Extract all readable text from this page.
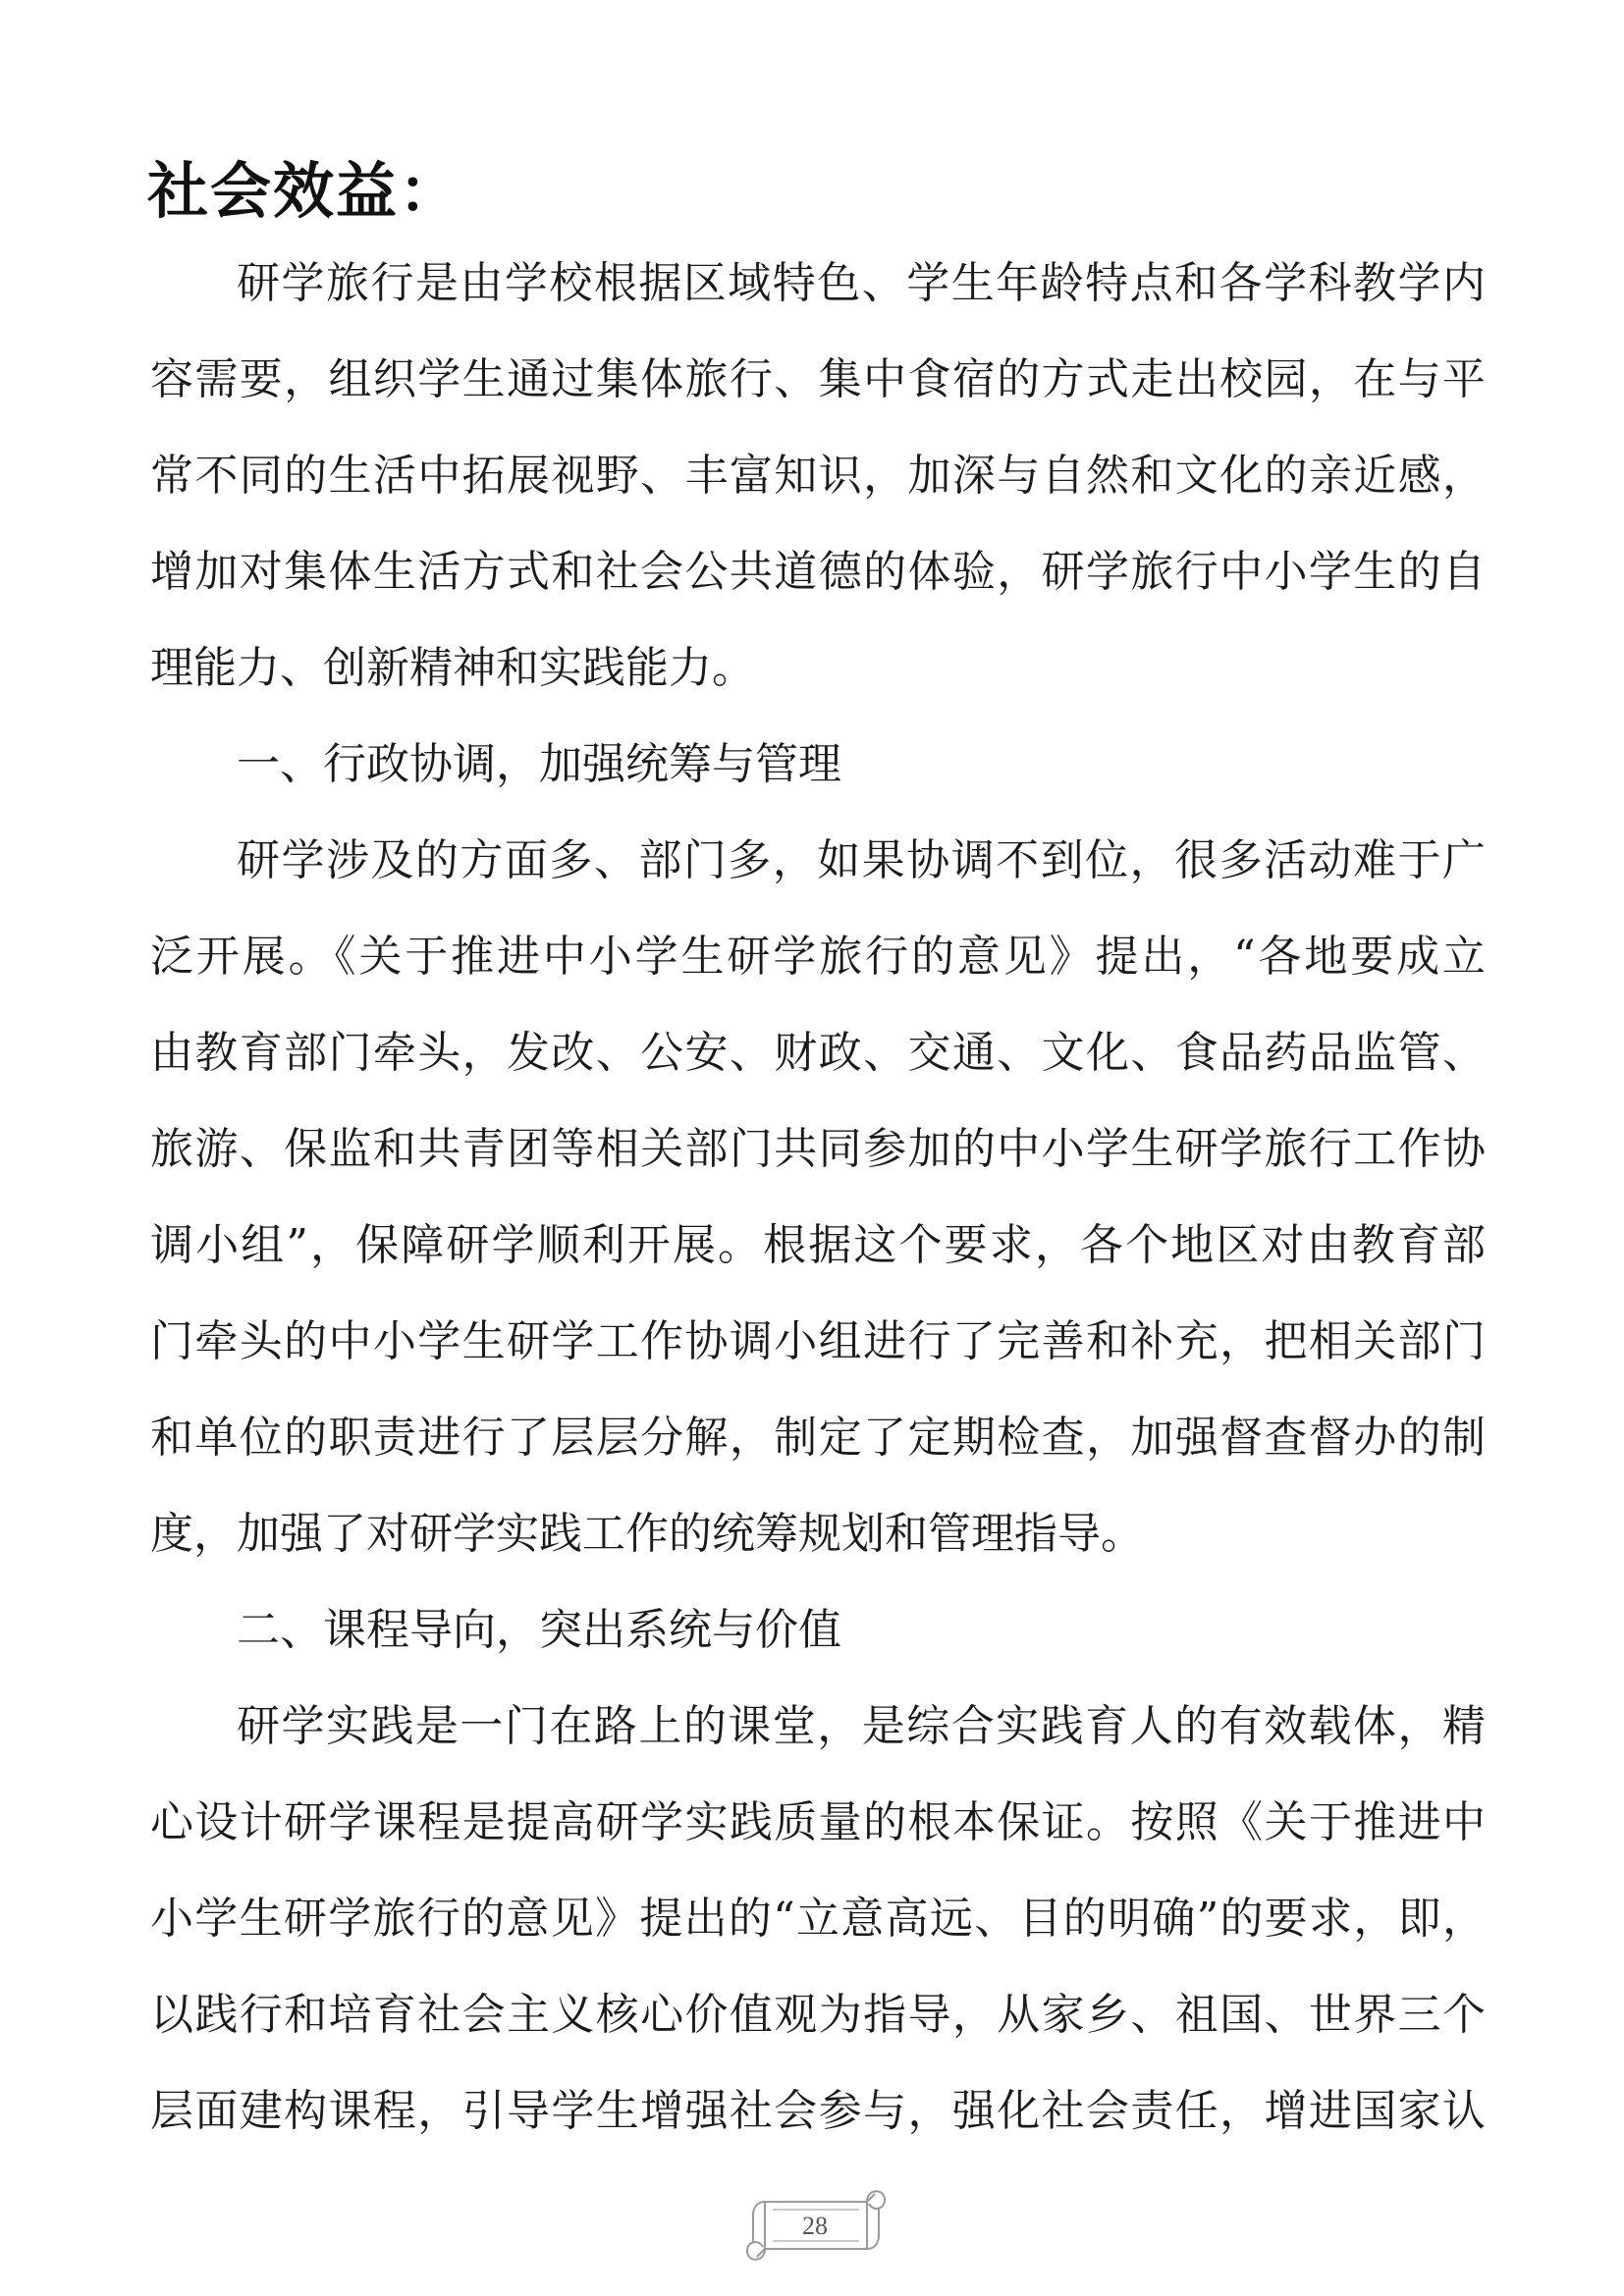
社会效益：
研学旅行是由学校根据区域特色、学生年龄特点和各学科教学内
容需要，组织学生通过集体旅行、集中食宿的方式走出校园，在与平
常不同的生活中拓展视野、丰富知识，加深与自然和文化的亲近感，
增加对集体生活方式和社会公共道德的体验，研学旅行中小学生的自
理能力、创新精神和实践能力。
一、行政协调，加强统筹与管理
研学涉及的方面多、部门多，如果协调不到位，很多活动难于广
泛开展。《关于推进中小学生研学旅行的意见》提出，“各地要成立
由教育部门牵头，发改、公安、财政、交通、文化、食品药品监管、
旅游、保监和共青团等相关部门共同参加的中小学生研学旅行工作协
调小组”，保障研学顺利开展。根据这个要求，各个地区对由教育部
门牵头的中小学生研学工作协调小组进行了完善和补充，把相关部门
和单位的职责进行了层层分解，制定了定期检查，加强督查督办的制
度，加强了对研学实践工作的统筹规划和管理指导。
二、课程导向，突出系统与价值
研学实践是一门在路上的课堂，是综合实践育人的有效载体，精
心设计研学课程是提高研学实践质量的根本保证。按照《关于推进中
小学生研学旅行的意见》提出的“立意高远、目的明确”的要求，即，
以践行和培育社会主义核心价值观为指导，从家乡、祖国、世界三个
层面建构课程，引导学生增强社会参与，强化社会责任，增进国家认
28
